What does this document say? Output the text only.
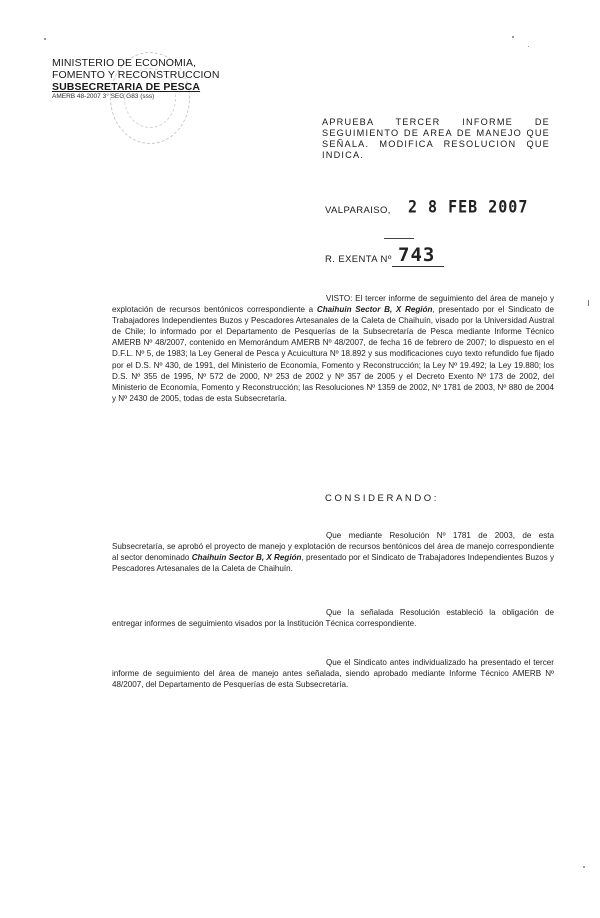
MINISTERIO DE ECONOMIA,
FOMENTO Y RECONSTRUCCION
SUBSECRETARIA DE PESCA
AMERB 48-2007 3° SEG G83 (sss)
APRUEBA TERCER INFORME DE SEGUIMIENTO DE AREA DE MANEJO QUE SEÑALA. MODIFICA RESOLUCION QUE INDICA.
VALPARAISO, 2 8 FEB 2007
R. EXENTA Nº 743

VISTO: El tercer informe de seguimiento del área de manejo y explotación de recursos bentónicos correspondiente a Chaihuin Sector B, X Región, presentado por el Sindicato de Trabajadores Independientes Buzos y Pescadores Artesanales de la Caleta de Chaihuín, visado por la Universidad Austral de Chile; lo informado por el Departamento de Pesquerías de la Subsecretaría de Pesca mediante Informe Técnico AMERB Nº 48/2007, contenido en Memorándum AMERB Nº 48/2007, de fecha 16 de febrero de 2007; lo dispuesto en el D.F.L. Nº 5, de 1983; la Ley General de Pesca y Acuicultura Nº 18.892 y sus modificaciones cuyo texto refundido fue fijado por el D.S. Nº 430, de 1991, del Ministerio de Economía, Fomento y Reconstrucción; la Ley Nº 19.492; la Ley 19.880; los D.S. Nº 355 de 1995, Nº 572 de 2000, Nº 253 de 2002 y Nº 357 de 2005 y el Decreto Exento Nº 173 de 2002, del Ministerio de Economía, Fomento y Reconstrucción; las Resoluciones Nº 1359 de 2002, Nº 1781 de 2003, Nº 880 de 2004 y Nº 2430 de 2005, todas de esta Subsecretaría.

CONSIDERANDO:

Que mediante Resolución Nº 1781 de 2003, de esta Subsecretaría, se aprobó el proyecto de manejo y explotación de recursos bentónicos del área de manejo correspondiente al sector denominado Chaihuin Sector B, X Región, presentado por el Sindicato de Trabajadores Independientes Buzos y Pescadores Artesanales de la Caleta de Chaihuín.

Que la señalada Resolución estableció la obligación de entregar informes de seguimiento visados por la Institución Técnica correspondiente.

Que el Sindicato antes individualizado ha presentado el tercer informe de seguimiento del área de manejo antes señalada, siendo aprobado mediante Informe Técnico AMERB Nº 48/2007, del Departamento de Pesquerías de esta Subsecretaría.
